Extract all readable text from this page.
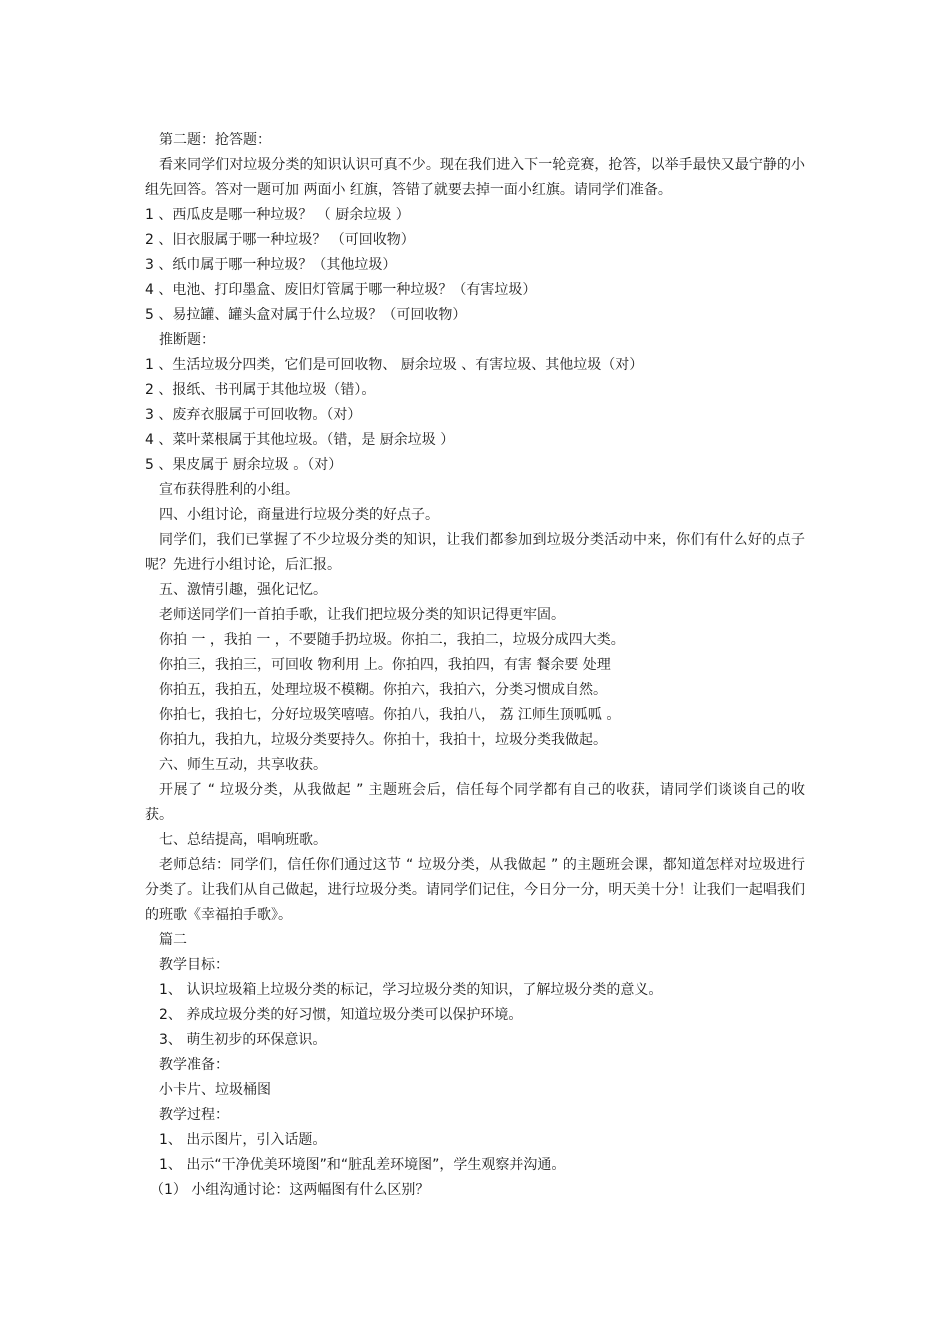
第二题：抢答题：

看来同学们对垃圾分类的知识认识可真不少。现在我们进入下一轮竞赛，抢答，以举手最快又最宁静的小组先回答。答对一题可加 两面小 红旗，答错了就要去掉一面小红旗。请同学们准备。

1 、西瓜皮是哪一种垃圾？ （ 厨余垃圾 ）
2 、旧衣服属于哪一种垃圾？ （可回收物）
3 、纸巾属于哪一种垃圾？（其他垃圾）
4 、电池、打印墨盒、废旧灯管属于哪一种垃圾？（有害垃圾）
5 、易拉罐、罐头盒对属于什么垃圾？（可回收物）
推断题：
1 、生活垃圾分四类，它们是可回收物、 厨余垃圾 、有害垃圾、其他垃圾（对）
2 、报纸、书刊属于其他垃圾（错）。
3 、废弃衣服属于可回收物。（对）
4 、菜叶菜根属于其他垃圾。（错，是 厨余垃圾 ）
5 、果皮属于 厨余垃圾 。（对）
宣布获得胜利的小组。
四、小组讨论，商量进行垃圾分类的好点子。

同学们，我们已掌握了不少垃圾分类的知识，让我们都参加到垃圾分类活动中来，你们有什么好的点子呢？先进行小组讨论，后汇报。

五、激情引趣，强化记忆。
老师送同学们一首拍手歌，让我们把垃圾分类的知识记得更牢固。
你拍 一 ，我拍 一 ，不要随手扔垃圾。你拍二，我拍二，垃圾分成四大类。
你拍三，我拍三，可回收 物利用 上。你拍四，我拍四，有害 餐余要 处理
你拍五，我拍五，处理垃圾不模糊。你拍六，我拍六，分类习惯成自然。
你拍七，我拍七，分好垃圾笑嘻嘻。你拍八，我拍八， 荔 江师生顶呱呱 。
你拍九，我拍九，垃圾分类要持久。你拍十，我拍十，垃圾分类我做起。
六、师生互动，共享收获。

开展了 “ 垃圾分类，从我做起 ” 主题班会后，信任每个同学都有自己的收获，请同学们谈谈自己的收获。

七、总结提高，唱响班歌。

老师总结：同学们，信任你们通过这节 “ 垃圾分类，从我做起 ” 的主题班会课，都知道怎样对垃圾进行分类了。让我们从自己做起，进行垃圾分类。请同学们记住，今日分一分，明天美十分！让我们一起唱我们的班歌《幸福拍手歌》。

篇二
教学目标：
1、 认识垃圾箱上垃圾分类的标记，学习垃圾分类的知识，了解垃圾分类的意义。
2、 养成垃圾分类的好习惯，知道垃圾分类可以保护环境。
3、 萌生初步的环保意识。
教学准备：
小卡片、垃圾桶图
教学过程：
1、 出示图片，引入话题。
1、 出示“干净优美环境图”和“脏乱差环境图”，学生观察并沟通。
（1） 小组沟通讨论：这两幅图有什么区别？
